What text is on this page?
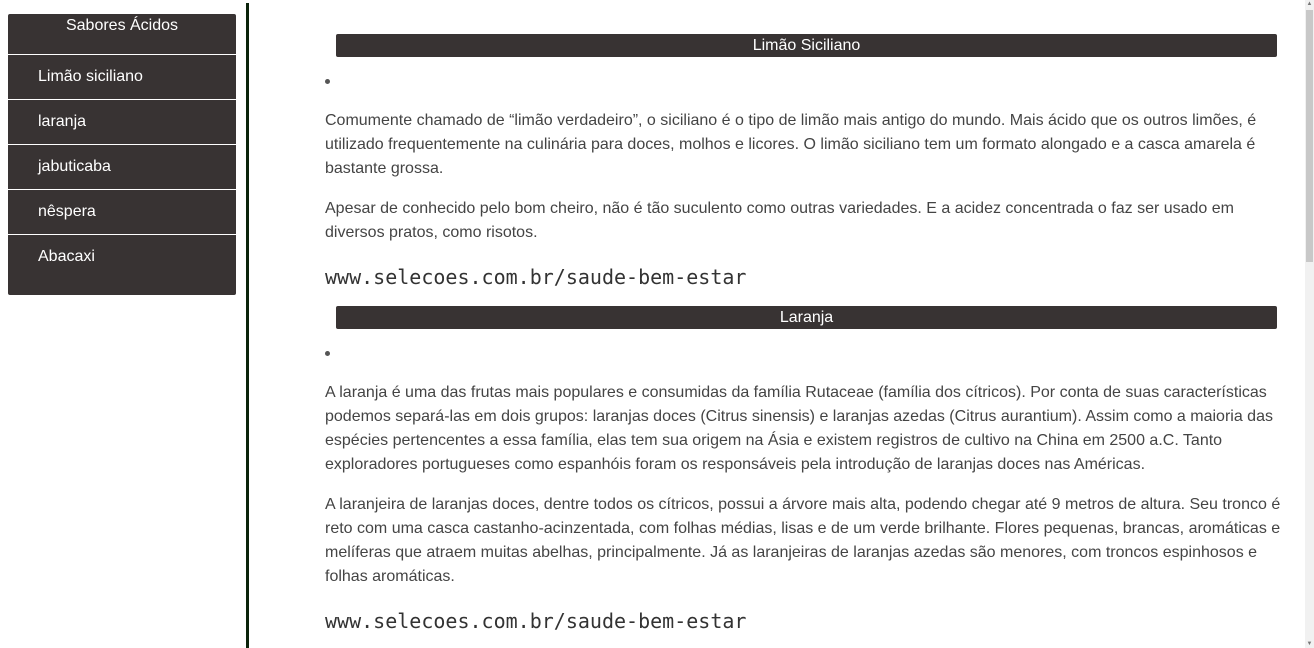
Sabores Ácidos
Limão siciliano
laranja
jabuticaba
nêspera
Abacaxi
Limão Siciliano

Comumente chamado de “limão verdadeiro”, o siciliano é o tipo de limão mais antigo do mundo. Mais ácido que os outros limões, é utilizado frequentemente na culinária para doces, molhos e licores. O limão siciliano tem um formato alongado e a casca amarela é bastante grossa.

Apesar de conhecido pelo bom cheiro, não é tão suculento como outras variedades. E a acidez concentrada o faz ser usado em diversos pratos, como risotos.

www.selecoes.com.br/saude-bem-estar

Laranja

A laranja é uma das frutas mais populares e consumidas da família Rutaceae (família dos cítricos). Por conta de suas características podemos separá-las em dois grupos: laranjas doces (Citrus sinensis) e laranjas azedas (Citrus aurantium). Assim como a maioria das espécies pertencentes a essa família, elas tem sua origem na Ásia e existem registros de cultivo na China em 2500 a.C. Tanto exploradores portugueses como espanhóis foram os responsáveis pela introdução de laranjas doces nas Américas.

A laranjeira de laranjas doces, dentre todos os cítricos, possui a árvore mais alta, podendo chegar até 9 metros de altura. Seu tronco é reto com uma casca castanho-acinzentada, com folhas médias, lisas e de um verde brilhante. Flores pequenas, brancas, aromáticas e melíferas que atraem muitas abelhas, principalmente. Já as laranjeiras de laranjas azedas são menores, com troncos espinhosos e folhas aromáticas.

www.selecoes.com.br/saude-bem-estar

▲
▼
